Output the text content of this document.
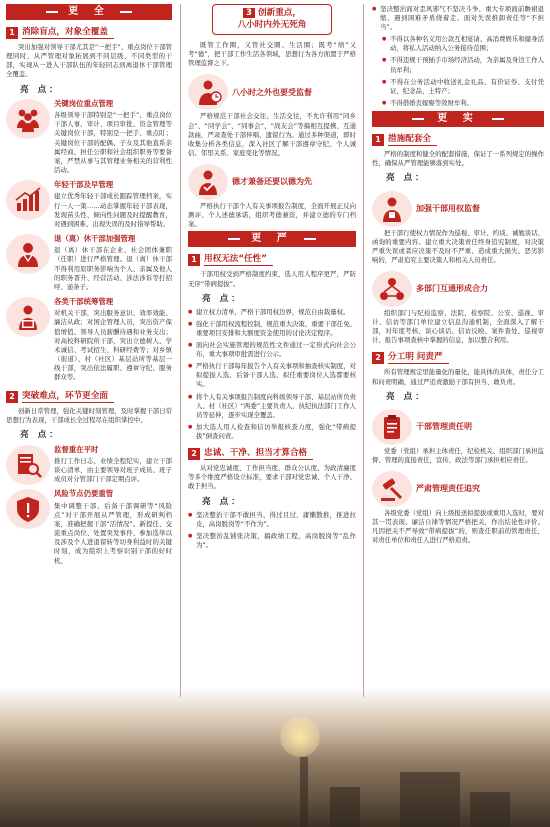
更 全
1 消除盲点，对象全覆盖

突出加强对领导干部尤其是“一把手”、重点岗位干部管理同时，从严管理对象拓展到不同层级、不同类型的干部，实现从一进入干部队伍的年轻同志到离退休干部管理全覆盖。

亮 点：
关键岗位重点管理

各级领导干部特别是“一把手”、重点岗位干部人事、审计、项目审批、资金管理等关键岗位干部，特别是一把手、重点盯；关键岗位干部的配偶、子女及其他直系亲属经商、担任公职和社会组织职务等要备案，严禁从事与其管理业务相关的营利性活动。

年轻干部及早管理

建立优秀年轻干部成长跟踪管理档案，实行一人一策……动态掌握年轻干部表现，发现苗头性、倾向性问题及时提醒教育，对遇到困难、出现失误的及时指导帮助。

退（离）休干部加强管理

退（离）休干部在企业、社会团体兼职（任职）进行严格管理。退（离）休干部不得利用原职务影响为个人、亲属及他人的职务晋升、经营活动、涉法涉诉等打招呼、递条子。

各类干部统筹管理

对机关干部，突出服务意识、效率效能、廉洁从政；对国企管理人员，突出资产保值增值、领导人员薪酬待遇和业务支出；对高校科研院所干部，突出立德树人、学术诚信、考试招生、科研经费等；对乡镇（街道）、村（社区）基层站所等基层一线干部，突出依法履职、遵章守纪、服务群众等。

2 突破难点，环节更全面

创新日常管理，强化关键时刻管理，及时掌握干部日常思想行为表现，干部成长全过程尽在组织掌控中。

亮 点：
监督重在平时

推行工作日志、业绩全程纪实，建立干部谈心清单，由主要领导对班子成员、班子成员对分管部门干部定期点评。

风险节点仍要重管

集中调整干部、后备干部调研等“风险点”对干部开展从严管理，形成研判档案，准确把握干部“活情况”。新提任、交流重点岗位、处置突发事件、参加选举以及涉及个人进退留转等切身利益时的关键时刻，成为组织上考察识别干部的好时机。

3 创新重点，
八小时内外无死角

既管工作圈，又管社交圈、生活圈；既考“绩”又考“德”，把干部工作生活各领域，思想行为各方面置于严格管理监督之下。

八小时之外也要受监督

严格规范干部社会交往、生活交往，不允许利用“同乡会”、“同学会”、“同事会”、“战友会”等搞相互提携、互通款曲，严肃查处干部伴唱、遗留行为。通过多种渠道，即时收集分析各类信息，深入社区了解干部遵章守纪、个人诚信、邻里关系、家庭变化等情况。

德才兼备还要以德为先

严格执行干部个人有关事项报告制度，全面开展正反向测评、个人述德承诺，组织考德兼资，并建立德的专门档案。

更 严
1 用权无法“任性”

干部用权受到严格制度约束，选人用人程序更严，严防无序“带病提拔”。

亮 点：
● 建立权力清单，严格干部用权边界，规范自由裁量权。
● 强化干部用权流程控制，规范重大决策、重要干部任免、重要项目安排和大额度资金使用的讨论决定程序。
● 面向社会实施管理的规范性文件通过一定形式向社会公布，重大事项审批需进行公示。
● 严格执行干部每年报告个人有关事项和抽查核实制度，对拟提拔人选、后备干部人选、拟任重要岗位人选都要核实。
● 将个人有关事项报告制度向科级领导干部、基层站所负责人、村（社区）“两委”主要负责人、执纪执法部门工作人员等延伸，逐步实现全覆盖。
● 加大选人用人检查和信访举报核查力度，强化“带病提拔”倒查问责。
2 忠诚、干净、担当才算合格

从对党忠诚度、工作担当度、群众公认度、为政清廉度等多个维度严格设立标准，要求干部对党忠诚、个人干净、敢于担当。

亮 点：
● 坚决整治干部不敢担当、得过且过、庸懒散推，推进拉皮，高岗脱岗等“不作为”。
● 坚决整治乱铺张决策，搞政绩工程，高岗脱岗等“乱作为”。
● 坚决整治面对歪风邪气不坚决斗争、重大专项面前瞻裙退缩、遇到困难矛盾绕着走、面对失误推卸责任等“不担当”。
● 不得以各种名义用公款互相宴请、高消费娱乐和健身活动，将私人活动纳入公务接待范围；
● 不得违规干预插手市场经济活动，为亲属及身边工作人员牟利；
● 不得在公务活动中收送礼金礼品、有价证券、支付凭证、纪念品、土特产；
● 不得借婚丧嫁娶等敛财牟利。
更 实
1 措施配套全

严格的制度和健全的配套措施，保证了一系列规定的操作性，确保从严管理能够落到实处。

亮 点：
加强干部用权监督

把干部行使权力情况作为巡视、审计、约谈、诫勉谈话、函询的重要内容。建立重大决策责任终身追究制度，对决策严重失误或者应决策不及时不严重、造成重大损失、恶劣影响的，严肃追究主要决策人和相关人员责任。

多部门互通形成合力

组织部门与纪检监察、法院、检察院、公安、巡视、审计、信访等部门单位建立信息沟通机制，全面深入了解干部，对年度考核、谈心谈话、信访反映、案件查处、巡视审计、报告事项查核中掌握的信息，加以整合利用。

2 分工明 问责严

所有管理规定里能量化的量化，能具体的具体，责任分工和问责明确，通过严追责激励干部有担当、敢负责。

亮 点：
干部管理责任明

党委（党组）承担主体责任，纪检机关、组织部门承担监督、管理的直接责任，宣传、政法等部门承担相应责任。

严肃管理责任追究

各级党委（党组）向上级报送拟提拔或重用人选时，要对其一贯表现、廉洁自律等情况严格把关，作出结论性评价。凡因把关不严导致“带病提拔”的，则查任职前的管理责任，对责任单位和责任人进行严格追责。
